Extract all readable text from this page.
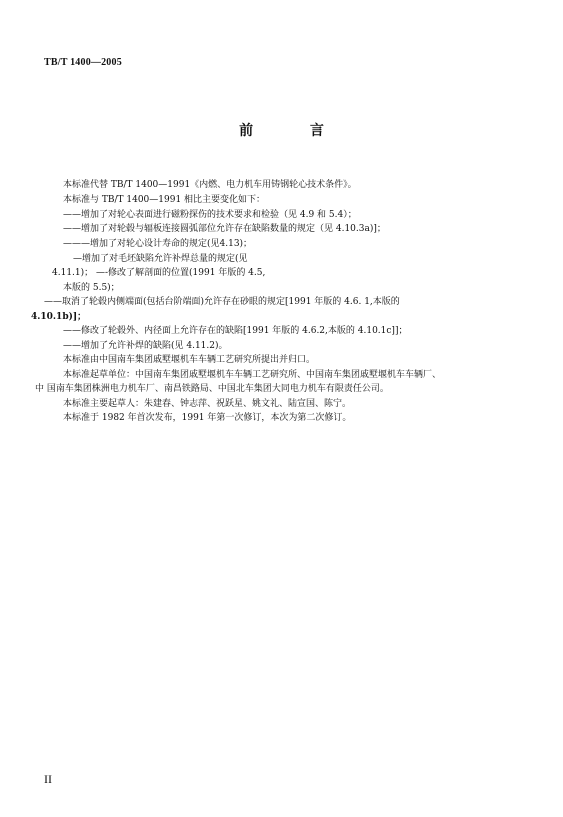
TB/T 1400—2005
前 言
本标准代替 TB/T 1400—1991《内燃、电力机车用铸钢轮心技术条件》。
本标准与 TB/T 1400—1991 相比主要变化如下：
——增加了对轮心表面进行磁粉探伤的技术要求和检验（见 4.9 和 5.4）；
——增加了对轮毂与辐板连接圆弧部位允许存在缺陷数量的规定（见 4.10.3a)]；
———增加了对轮心设计寿命的规定(见4.13)；
—增加了对毛坯缺陷允许补焊总量的规定(见
4.11.1)； —-修改了解剖面的位置(1991 年版的 4.5,
本版的 5.5)；
——取消了轮毂内侧端面(包括台阶端面)允许存在砂眼的规定[1991 年版的 4.6. 1,本版的
4.10.1b)]；
——修改了轮毂外、内径面上允许存在的缺陷[1991 年版的 4.6.2,本版的 4.10.1c]]；
——增加了允许补焊的缺陷(见 4.11.2)。
本标准由中国南车集团戚墅堰机车车辆工艺研究所提出并归口。
本标准起草单位：中国南车集团戚墅堰机车车辆工艺研究所、中国南车集团戚墅堰机车车辆厂、
中 国南车集团株洲电力机车厂、南昌铁路局、中国北车集团大同电力机车有限责任公司。
本标准主要起草人：朱建春、钟志萍、祝跃星、姚文礼、陆宣国、陈宁。
本标准于 1982 年首次发布，1991 年第一次修订，本次为第二次修订。
II
